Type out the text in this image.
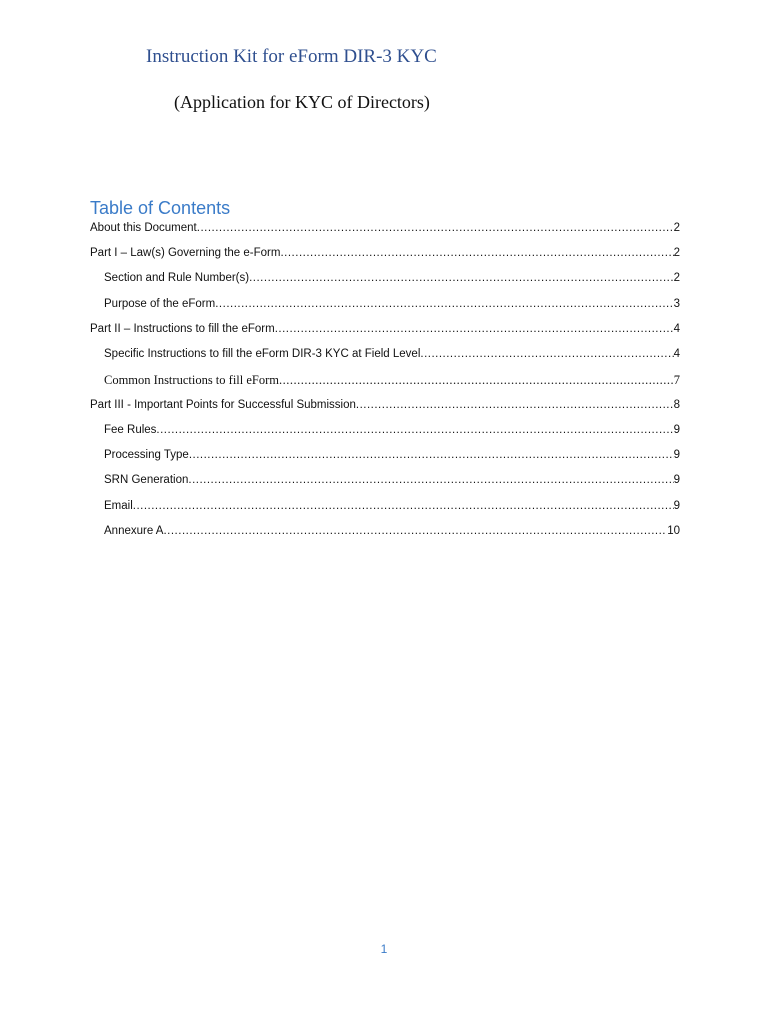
Instruction Kit for eForm DIR-3 KYC
(Application for KYC of Directors)
Table of Contents
About this Document .....	2
Part I – Law(s) Governing the e-Form .....	2
Section and Rule Number(s) .....	2
Purpose of the eForm .....	3
Part II – Instructions to fill the eForm .....	4
Specific Instructions to fill the eForm DIR-3 KYC at Field Level .....	4
Common Instructions to fill eForm .....	7
Part III - Important Points for Successful Submission .....	8
Fee Rules .....	9
Processing Type .....	9
SRN Generation .....	9
Email .....	9
Annexure A .....	10
1
